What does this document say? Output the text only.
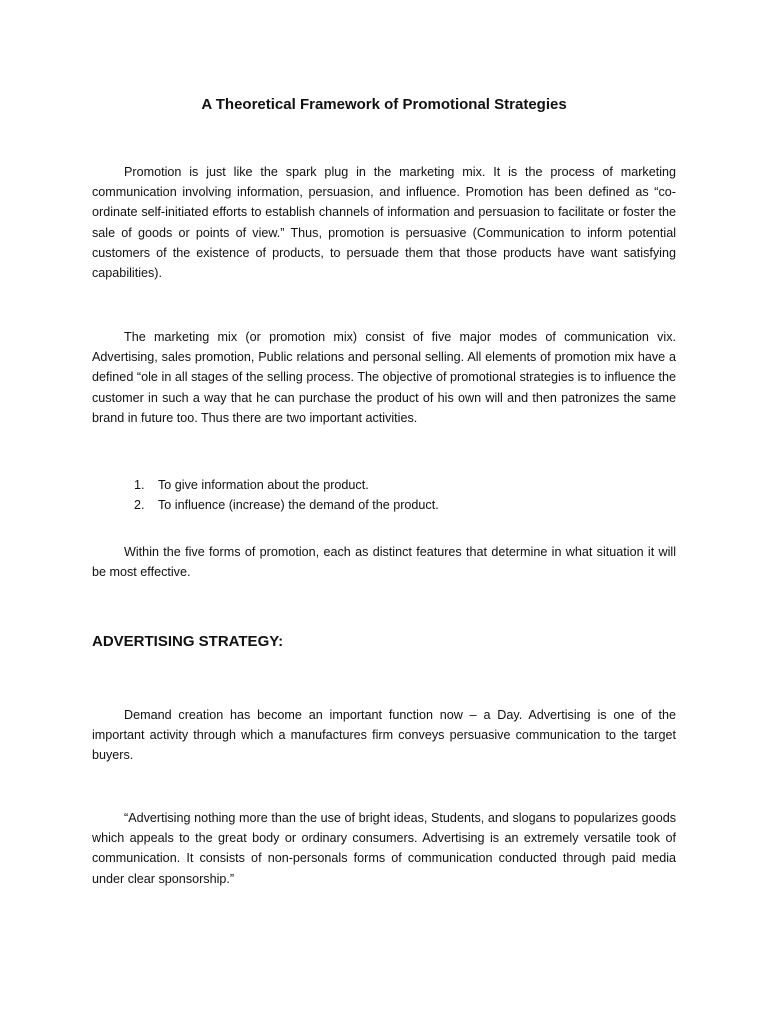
A Theoretical Framework of Promotional Strategies

Promotion is just like the spark plug in the marketing mix. It is the process of marketing communication involving information, persuasion, and influence. Promotion has been defined as “co-ordinate self-initiated efforts to establish channels of information and persuasion to facilitate or foster the sale of goods or points of view.” Thus, promotion is persuasive (Communication to inform potential customers of the existence of products, to persuade them that those products have want satisfying capabilities).

The marketing mix (or promotion mix) consist of five major modes of communication vix. Advertising, sales promotion, Public relations and personal selling. All elements of promotion mix have a defined “ole in all stages of the selling process. The objective of promotional strategies is to influence the customer in such a way that he can purchase the product of his own will and then patronizes the same brand in future too. Thus there are two important activities.

1.	To give information about the product.
2.	To influence (increase) the demand of the product.

Within the five forms of promotion, each as distinct features that determine in what situation it will be most effective.

ADVERTISING STRATEGY:

Demand creation has become an important function now – a Day. Advertising is one of the important activity through which a manufactures firm conveys persuasive communication to the target buyers.

“Advertising nothing more than the use of bright ideas, Students, and slogans to popularizes goods which appeals to the great body or ordinary consumers. Advertising is an extremely versatile took of communication. It consists of non-personals forms of communication conducted through paid media under clear sponsorship.”
